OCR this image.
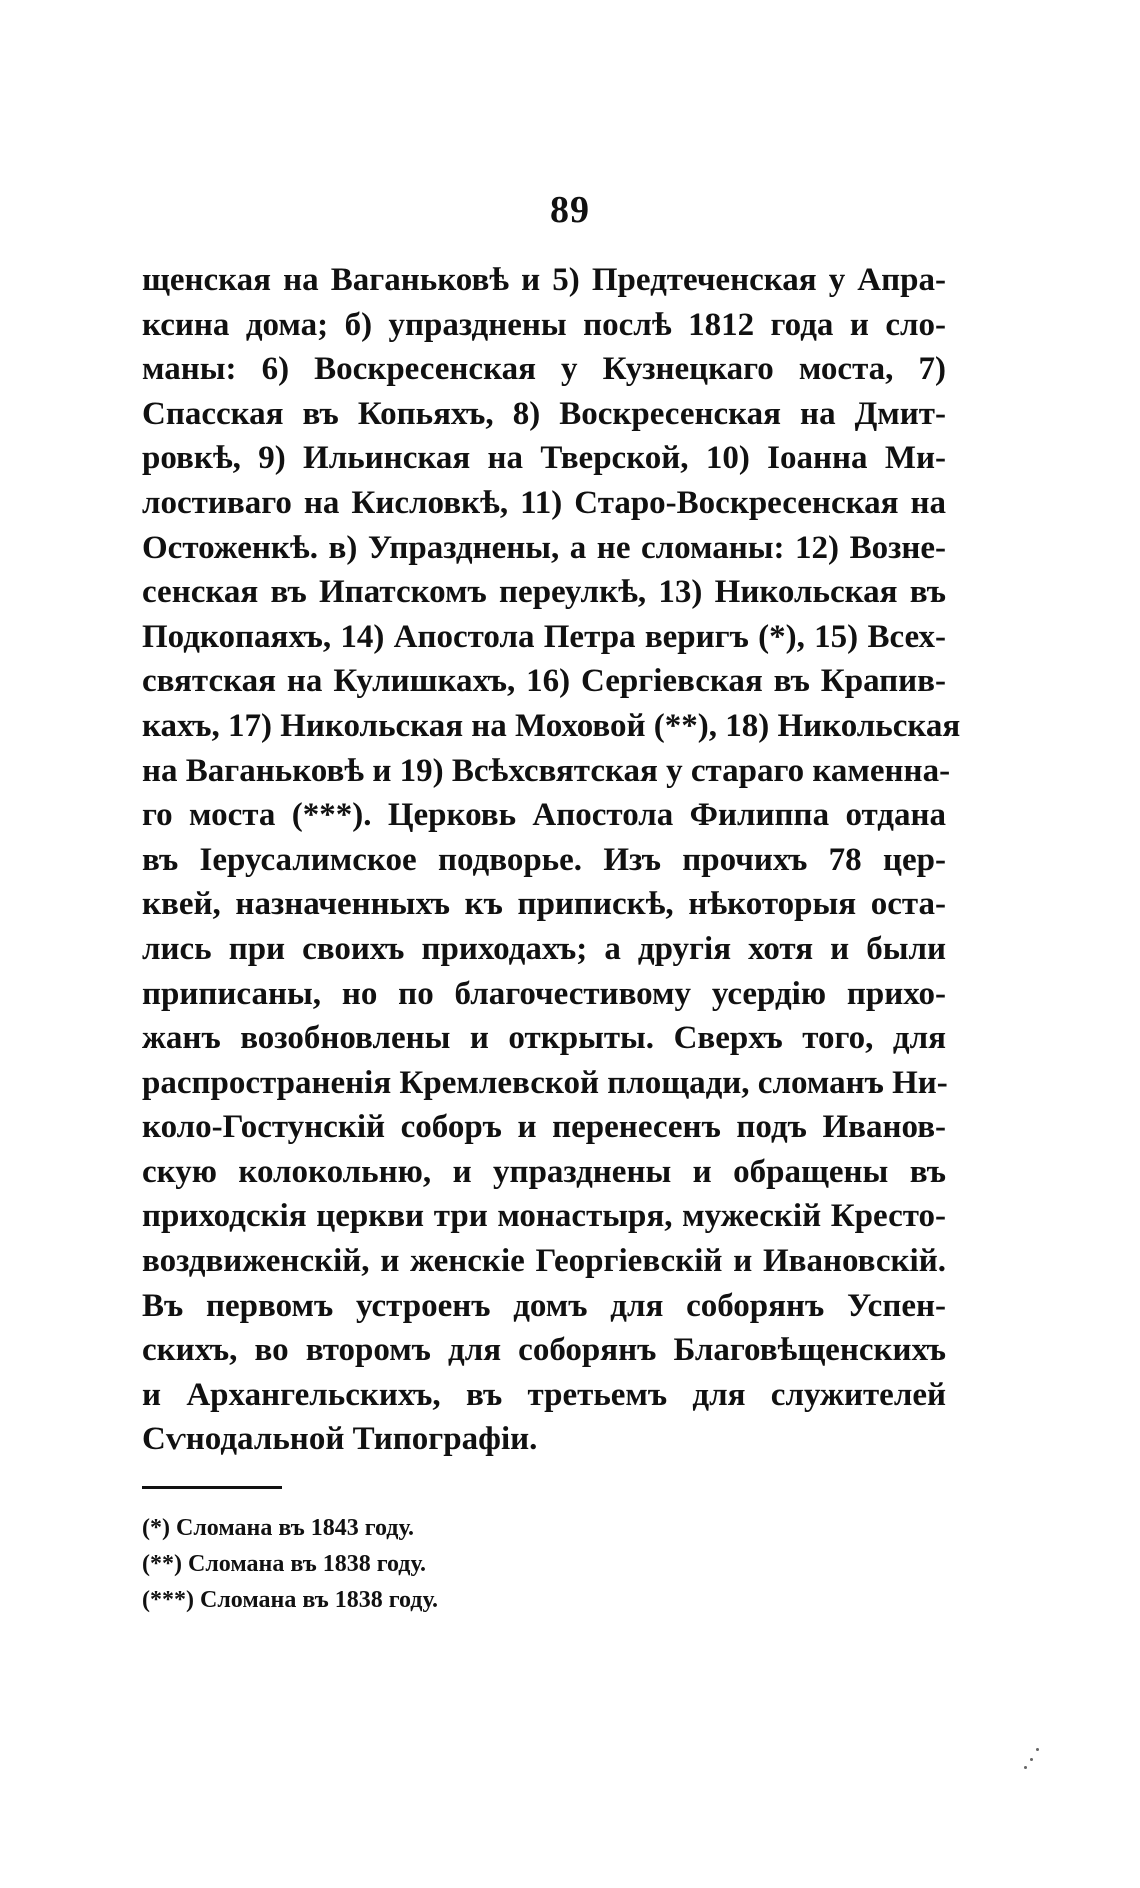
89
щенская на Ваганьковѣ и 5) Предтеченская у Апра-
ксина дома; б) упразднены послѣ 1812 года и сло-
маны: 6) Воскресенская у Кузнецкаго моста, 7)
Спасская въ Копьяхъ, 8) Воскресенская на Дмит-
ровкѣ, 9) Ильинская на Тверской, 10) Іоанна Ми-
лостиваго на Кисловкѣ, 11) Старо-Воскресенская на
Остоженкѣ. в) Упразднены, а не сломаны: 12) Возне-
сенская въ Ипатскомъ переулкѣ, 13) Никольская въ
Подкопаяхъ, 14) Апостола Петра веригъ (*), 15) Всех-
святская на Кулишкахъ, 16) Сергіевская въ Крапив-
кахъ, 17) Никольская на Моховой (**), 18) Никольская
на Ваганьковѣ и 19) Всѣхсвятская у стараго каменна-
го моста (***). Церковь Апостола Филиппа отдана
въ Іерусалимское подворье. Изъ прочихъ 78 цер-
квей, назначенныхъ къ припискѣ, нѣкоторыя оста-
лись при своихъ приходахъ; а другія хотя и были
приписаны, но по благочестивому усердію прихо-
жанъ возобновлены и открыты. Сверхъ того, для
распространенія Кремлевской площади, сломанъ Ни-
коло-Гостунскій соборъ и перенесенъ подъ Иванов-
скую колокольню, и упразднены и обращены въ
приходскія церкви три монастыря, мужескій Кресто-
воздвиженскій, и женскіе Георгіевскій и Ивановскій.
Въ первомъ устроенъ домъ для соборянъ Успен-
скихъ, во второмъ для соборянъ Благовѣщенскихъ
и Архангельскихъ, въ третьемъ для служителей
Сѵнодальной Типографіи.
(*) Сломана въ 1843 году.
(**) Сломана въ 1838 году.
(***) Сломана въ 1838 году.
